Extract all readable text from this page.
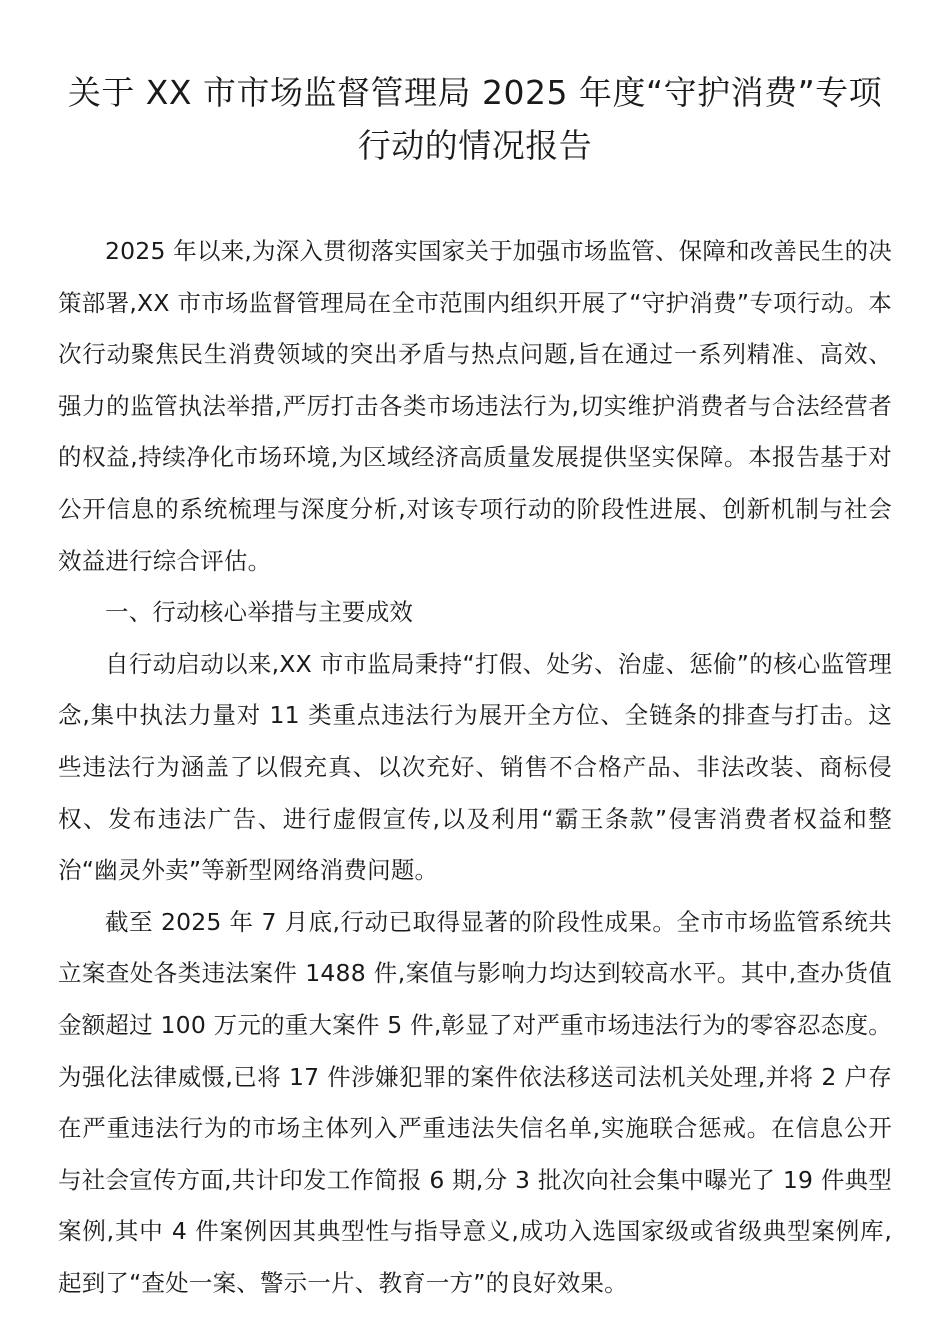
关于 XX 市市场监督管理局 2025 年度“守护消费”专项行动的情况报告

2025 年以来,为深入贯彻落实国家关于加强市场监管、保障和改善民生的决策部署,XX 市市场监督管理局在全市范围内组织开展了“守护消费”专项行动。本次行动聚焦民生消费领域的突出矛盾与热点问题,旨在通过一系列精准、高效、强力的监管执法举措,严厉打击各类市场违法行为,切实维护消费者与合法经营者的权益,持续净化市场环境,为区域经济高质量发展提供坚实保障。本报告基于对公开信息的系统梳理与深度分析,对该专项行动的阶段性进展、创新机制与社会效益进行综合评估。

一、行动核心举措与主要成效

自行动启动以来,XX 市市监局秉持“打假、处劣、治虚、惩偷”的核心监管理念,集中执法力量对 11 类重点违法行为展开全方位、全链条的排查与打击。这些违法行为涵盖了以假充真、以次充好、销售不合格产品、非法改装、商标侵权、发布违法广告、进行虚假宣传,以及利用“霸王条款”侵害消费者权益和整治“幽灵外卖”等新型网络消费问题。

截至 2025 年 7 月底,行动已取得显著的阶段性成果。全市市场监管系统共立案查处各类违法案件 1488 件,案值与影响力均达到较高水平。其中,查办货值金额超过 100 万元的重大案件 5 件,彰显了对严重市场违法行为的零容忍态度。为强化法律威慑,已将 17 件涉嫌犯罪的案件依法移送司法机关处理,并将 2 户存在严重违法行为的市场主体列入严重违法失信名单,实施联合惩戒。在信息公开与社会宣传方面,共计印发工作简报 6 期,分 3 批次向社会集中曝光了 19 件典型案例,其中 4 件案例因其典型性与指导意义,成功入选国家级或省级典型案例库,起到了“查处一案、警示一片、教育一方”的良好效果。
